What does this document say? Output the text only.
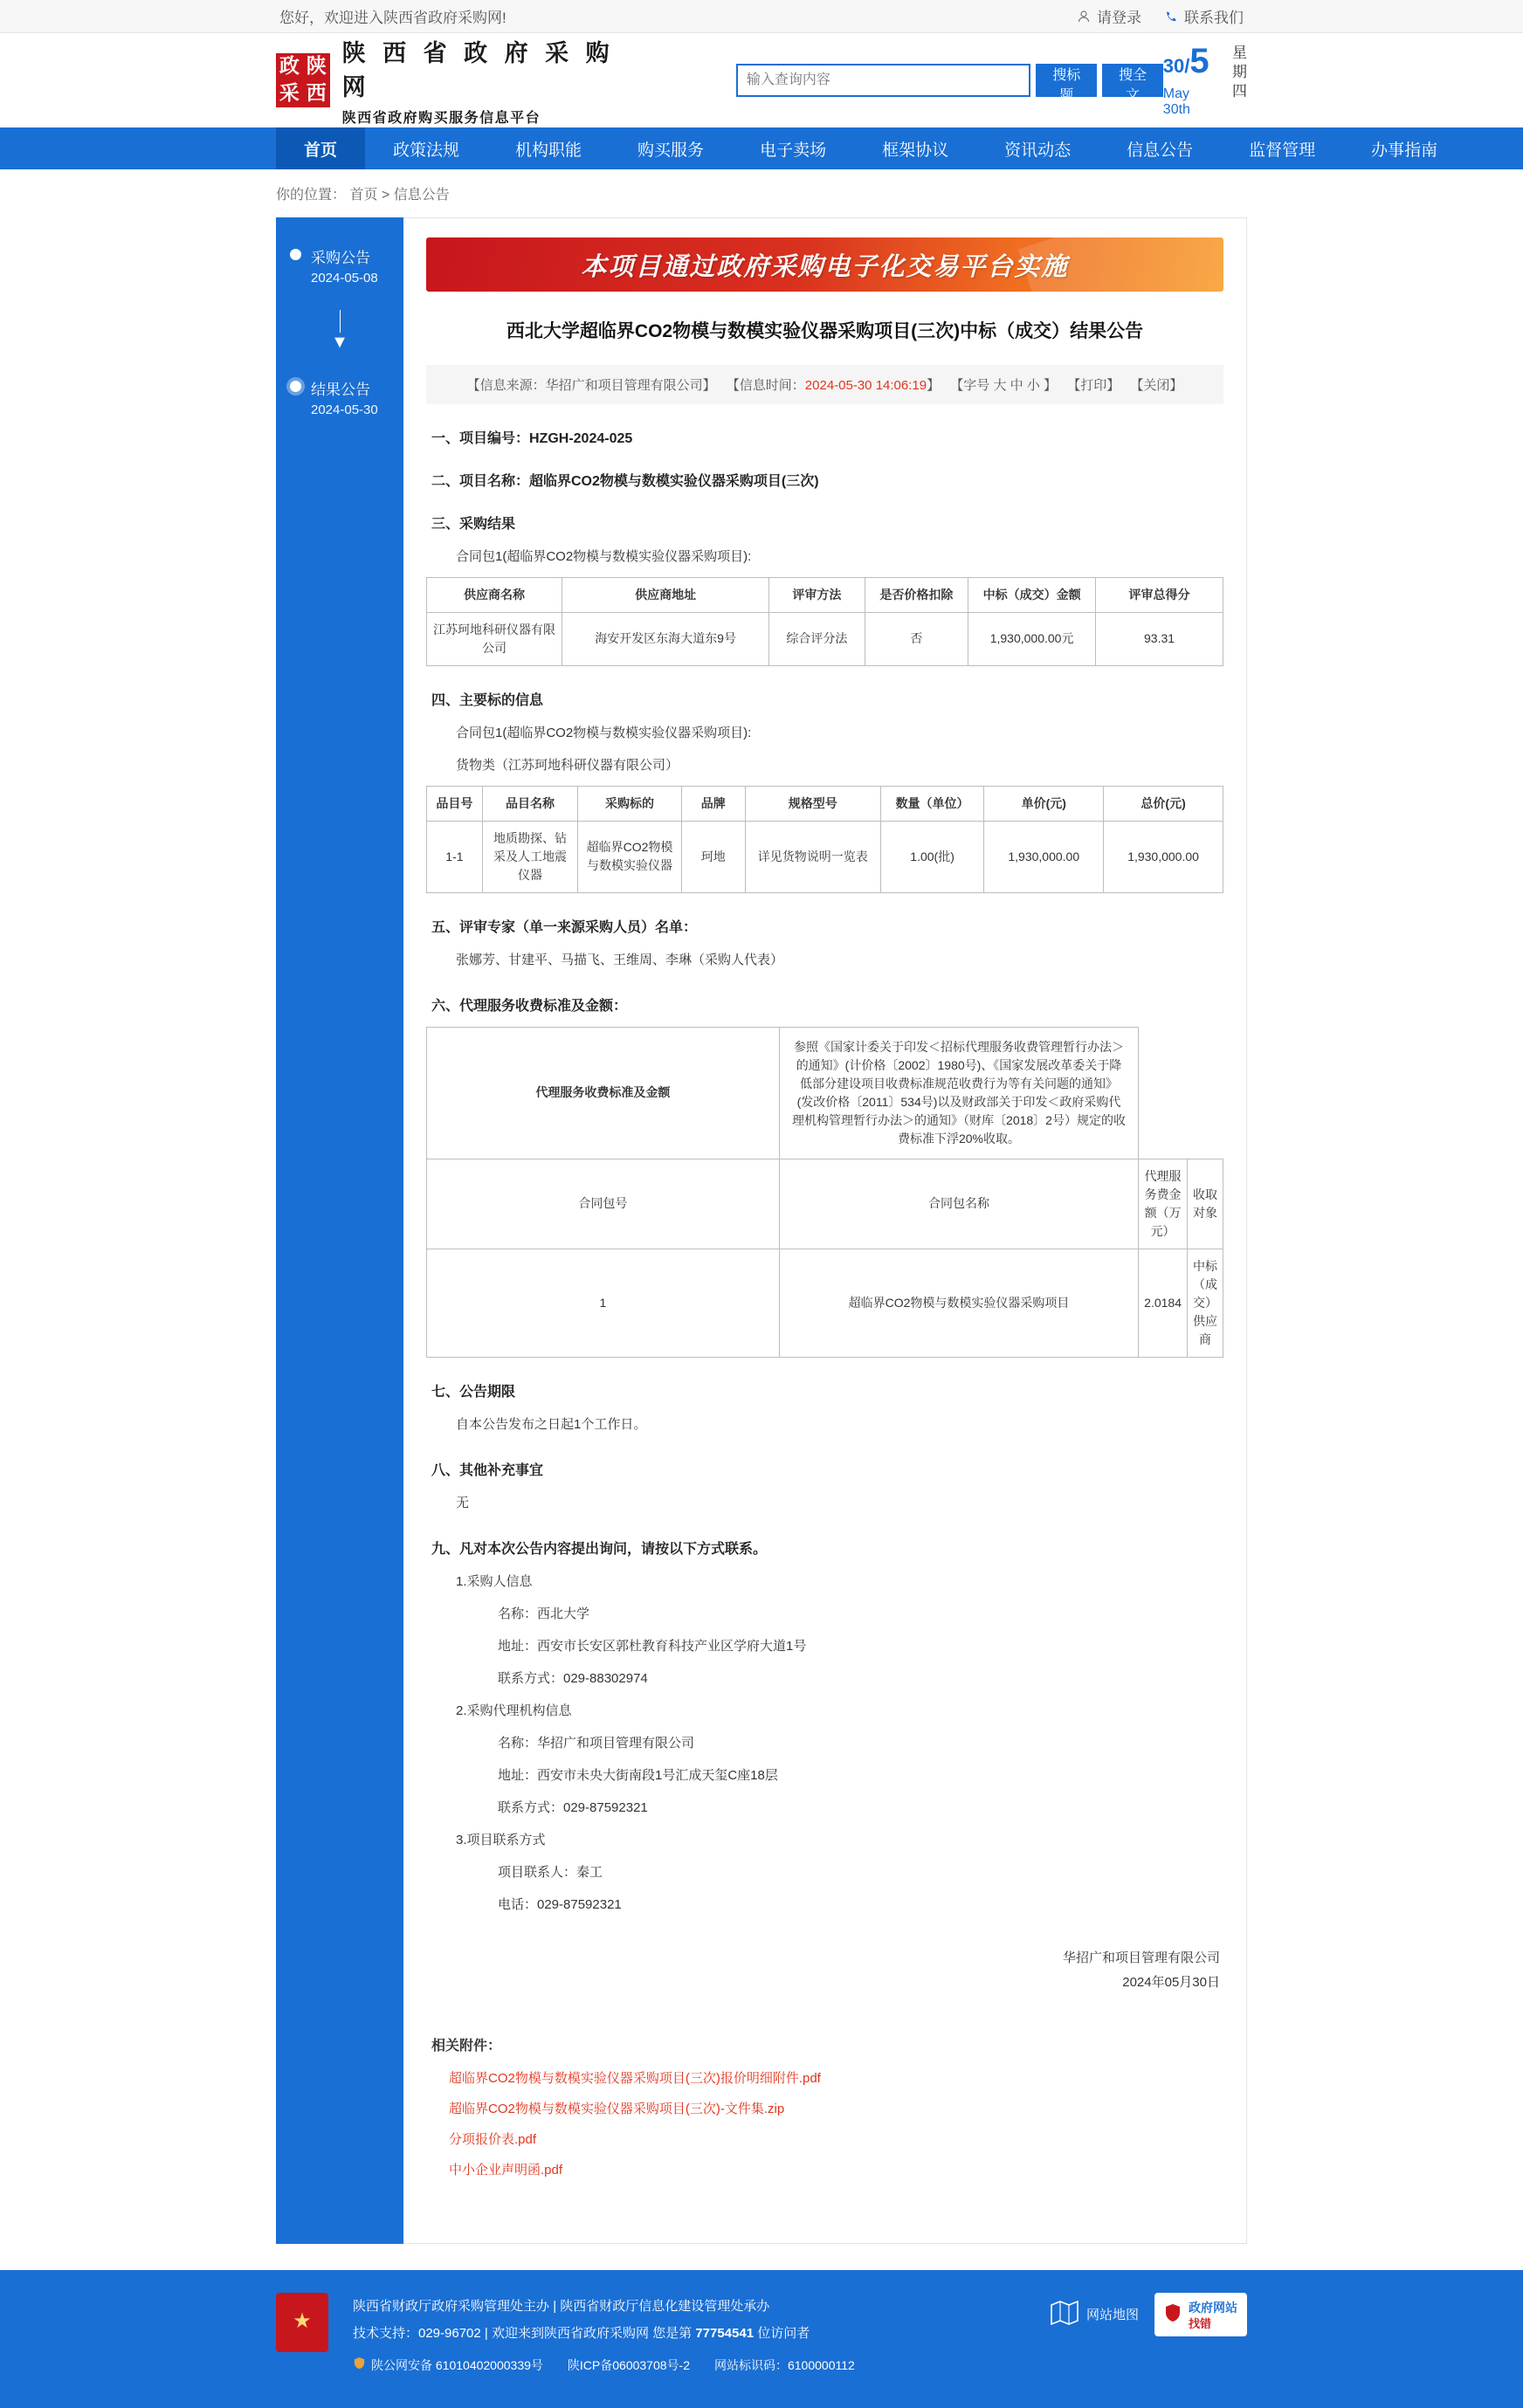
您好，欢迎进入陕西省政府采购网!	请登录	联系我们
政 陕
采 西
陕 西 省 政 府 采 购 网
陕西省政府购买服务信息平台
输入查询内容
搜标题
搜全文
30/5
May 30th
星
期
四
首页	政策法规	机构职能	购买服务	电子卖场	框架协议	资讯动态	信息公告	监督管理	办事指南
你的位置： 首页 > 信息公告
采购公告
2024-05-08
▼
结果公告
2024-05-30
本项目通过政府采购电子化交易平台实施
西北大学超临界CO2物模与数模实验仪器采购项目(三次)中标（成交）结果公告
【信息来源：华招广和项目管理有限公司】 【信息时间：2024-05-30 14:06:19】 【字号 大 中 小 】 【打印】 【关闭】
一、项目编号：HZGH-2024-025
二、项目名称：超临界CO2物模与数模实验仪器采购项目(三次)
三、采购结果
合同包1(超临界CO2物模与数模实验仪器采购项目):
供应商名称	供应商地址	评审方法	是否价格扣除	中标（成交）金额	评审总得分
江苏珂地科研仪器有限公司	海安开发区东海大道东9号	综合评分法	否	1,930,000.00元	93.31
四、主要标的信息
合同包1(超临界CO2物模与数模实验仪器采购项目):
货物类（江苏珂地科研仪器有限公司）
品目号	品目名称	采购标的	品牌	规格型号	数量（单位）	单价(元)	总价(元)
1-1	地质勘探、钻采及人工地震仪器	超临界CO2物模与数模实验仪器	珂地	详见货物说明一览表	1.00(批)	1,930,000.00	1,930,000.00
五、评审专家（单一来源采购人员）名单：
张娜芳、甘建平、马描飞、王维周、李琳（采购人代表）
六、代理服务收费标准及金额：
代理服务收费标准及金额	参照《国家计委关于印发＜招标代理服务收费管理暂行办法＞的通知》(计价格〔2002〕1980号)、《国家发展改革委关于降低部分建设项目收费标准规范收费行为等有关问题的通知》(发改价格〔2011〕534号)以及财政部关于印发＜政府采购代理机构管理暂行办法＞的通知》（财库〔2018〕2号）规定的收费标准下浮20%收取。		
合同包号	合同包名称	代理服务费金额（万元）	收取对象
1	超临界CO2物模与数模实验仪器采购项目	2.0184	中标（成交）供应商
七、公告期限
自本公告发布之日起1个工作日。
八、其他补充事宜
无
九、凡对本次公告内容提出询问，请按以下方式联系。
1.采购人信息
名称：西北大学
地址：西安市长安区郭杜教育科技产业区学府大道1号
联系方式：029-88302974
2.采购代理机构信息
名称：华招广和项目管理有限公司
地址：西安市未央大街南段1号汇成天玺C座18层
联系方式：029-87592321
3.项目联系方式
项目联系人：秦工
电话：029-87592321
华招广和项目管理有限公司
2024年05月30日
相关附件：
超临界CO2物模与数模实验仪器采购项目(三次)报价明细附件.pdf
超临界CO2物模与数模实验仪器采购项目(三次)-文件集.zip
分项报价表.pdf
中小企业声明函.pdf
★
陕西省财政厅政府采购管理处主办 | 陕西省财政厅信息化建设管理处承办
技术支持：029-96702 | 欢迎来到陕西省政府采购网 您是第 77754541 位访问者
陕公网安备 61010402000339号 陕ICP备06003708号-2 网站标识码：6100000112
网站地图
政府网站
找错
